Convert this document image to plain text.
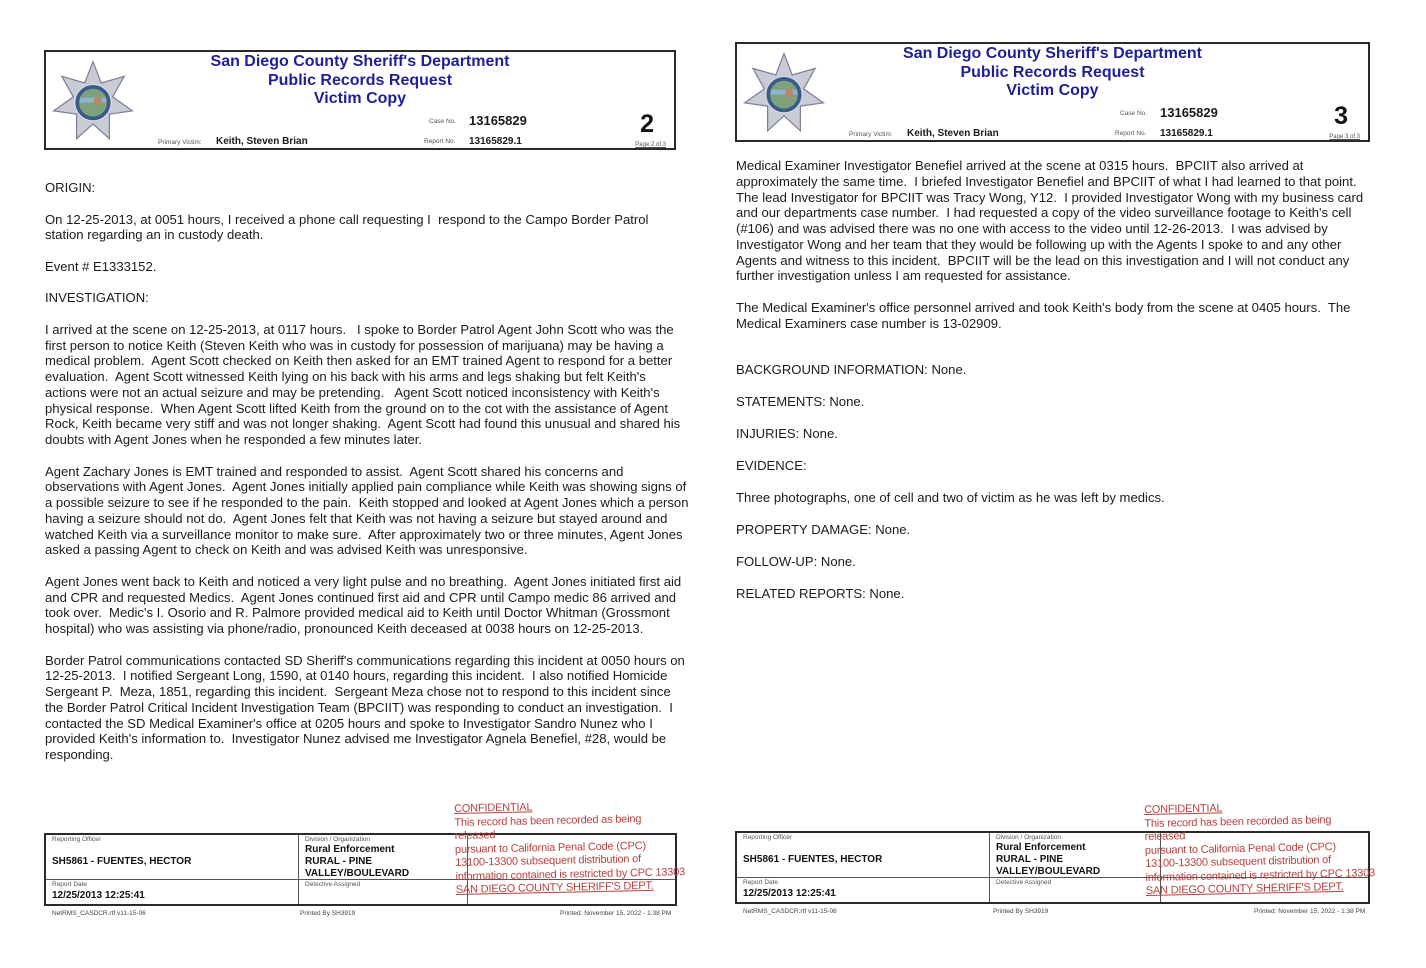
San Diego County Sheriff's Department
Public Records Request
Victim Copy
Case No. 13165829
Report No. 13165829.1
Primary Victim: Keith, Steven Brian
2
Page 2 of 3

ORIGIN:

On 12-25-2013, at 0051 hours, I received a phone call requesting I  respond to the Campo Border Patrol station regarding an in custody death.

Event # E1333152.

INVESTIGATION:

I arrived at the scene on 12-25-2013, at 0117 hours.   I spoke to Border Patrol Agent John Scott who was the first person to notice Keith (Steven Keith who was in custody for possession of marijuana) may be having a medical problem.  Agent Scott checked on Keith then asked for an EMT trained Agent to respond for a better evaluation.  Agent Scott witnessed Keith lying on his back with his arms and legs shaking but felt Keith's actions were not an actual seizure and may be pretending.   Agent Scott noticed inconsistency with Keith's physical response.  When Agent Scott lifted Keith from the ground on to the cot with the assistance of Agent Rock, Keith became very stiff and was not longer shaking.  Agent Scott had found this unusual and shared his doubts with Agent Jones when he responded a few minutes later.

Agent Zachary Jones is EMT trained and responded to assist.  Agent Scott shared his concerns and observations with Agent Jones.  Agent Jones initially applied pain compliance while Keith was showing signs of a possible seizure to see if he responded to the pain.  Keith stopped and looked at Agent Jones which a person having a seizure should not do.  Agent Jones felt that Keith was not having a seizure but stayed around and watched Keith via a surveillance monitor to make sure.  After approximately two or three minutes, Agent Jones asked a passing Agent to check on Keith and was advised Keith was unresponsive.

Agent Jones went back to Keith and noticed a very light pulse and no breathing.  Agent Jones initiated first aid and CPR and requested Medics.  Agent Jones continued first aid and CPR until Campo medic 86 arrived and took over.  Medic's I. Osorio and R. Palmore provided medical aid to Keith until Doctor Whitman (Grossmont hospital) who was assisting via phone/radio, pronounced Keith deceased at 0038 hours on 12-25-2013.

Border Patrol communications contacted SD Sheriff's communications regarding this incident at 0050 hours on 12-25-2013.  I notified Sergeant Long, 1590, at 0140 hours, regarding this incident.  I also notified Homicide Sergeant P.  Meza, 1851, regarding this incident.  Sergeant Meza chose not to respond to this incident since the Border Patrol Critical Incident Investigation Team (BPCIIT) was responding to conduct an investigation.  I contacted the SD Medical Examiner's office at 0205 hours and spoke to Investigator Sandro Nunez who I provided Keith's information to.  Investigator Nunez advised me Investigator Agnela Benefiel, #28, would be responding.

Reporting Officer
SH5861 - FUENTES, HECTOR
Division / Organization
Rural Enforcement
RURAL - PINE
VALLEY/BOULEVARD
Report Date
12/25/2013 12:25:41
Detective Assigned
CONFIDENTIAL
This record has been recorded as being released
pursuant to California Penal Code (CPC)
13100-13300 subsequent distribution of
information contained is restricted by CPC 13303
SAN DIEGO COUNTY SHERIFF'S DEPT.
NetRMS_CASDCR.rtf v11-15-06	Printed By SH3919	Printed: November 15, 2022 - 1:38 PM
San Diego County Sheriff's Department
Public Records Request
Victim Copy
Case No. 13165829
Report No. 13165829.1
Primary Victim: Keith, Steven Brian
3
Page 3 of 3

Medical Examiner Investigator Benefiel arrived at the scene at 0315 hours.  BPCIIT also arrived at approximately the same time.  I briefed Investigator Benefiel and BPCIIT of what I had learned to that point.  The lead Investigator for BPCIIT was Tracy Wong, Y12.  I provided Investigator Wong with my business card and our departments case number.  I had requested a copy of the video surveillance footage to Keith's cell (#106) and was advised there was no one with access to the video until 12-26-2013.  I was advised by Investigator Wong and her team that they would be following up with the Agents I spoke to and any other Agents and witness to this incident.  BPCIIT will be the lead on this investigation and I will not conduct any further investigation unless I am requested for assistance.

The Medical Examiner's office personnel arrived and took Keith's body from the scene at 0405 hours.  The Medical Examiners case number is 13-02909.

BACKGROUND INFORMATION: None.

STATEMENTS: None.

INJURIES: None.

EVIDENCE:

Three photographs, one of cell and two of victim as he was left by medics.

PROPERTY DAMAGE: None.

FOLLOW-UP: None.

RELATED REPORTS: None.

Reporting Officer
SH5861 - FUENTES, HECTOR
Division / Organization
Rural Enforcement
RURAL - PINE
VALLEY/BOULEVARD
Report Date
12/25/2013 12:25:41
Detective Assigned
CONFIDENTIAL
This record has been recorded as being released
pursuant to California Penal Code (CPC)
13100-13300 subsequent distribution of
information contained is restricted by CPC 13303
SAN DIEGO COUNTY SHERIFF'S DEPT.
NetRMS_CASDCR.rtf v11-15-06	Printed By SH3919	Printed: November 15, 2022 - 1:38 PM
